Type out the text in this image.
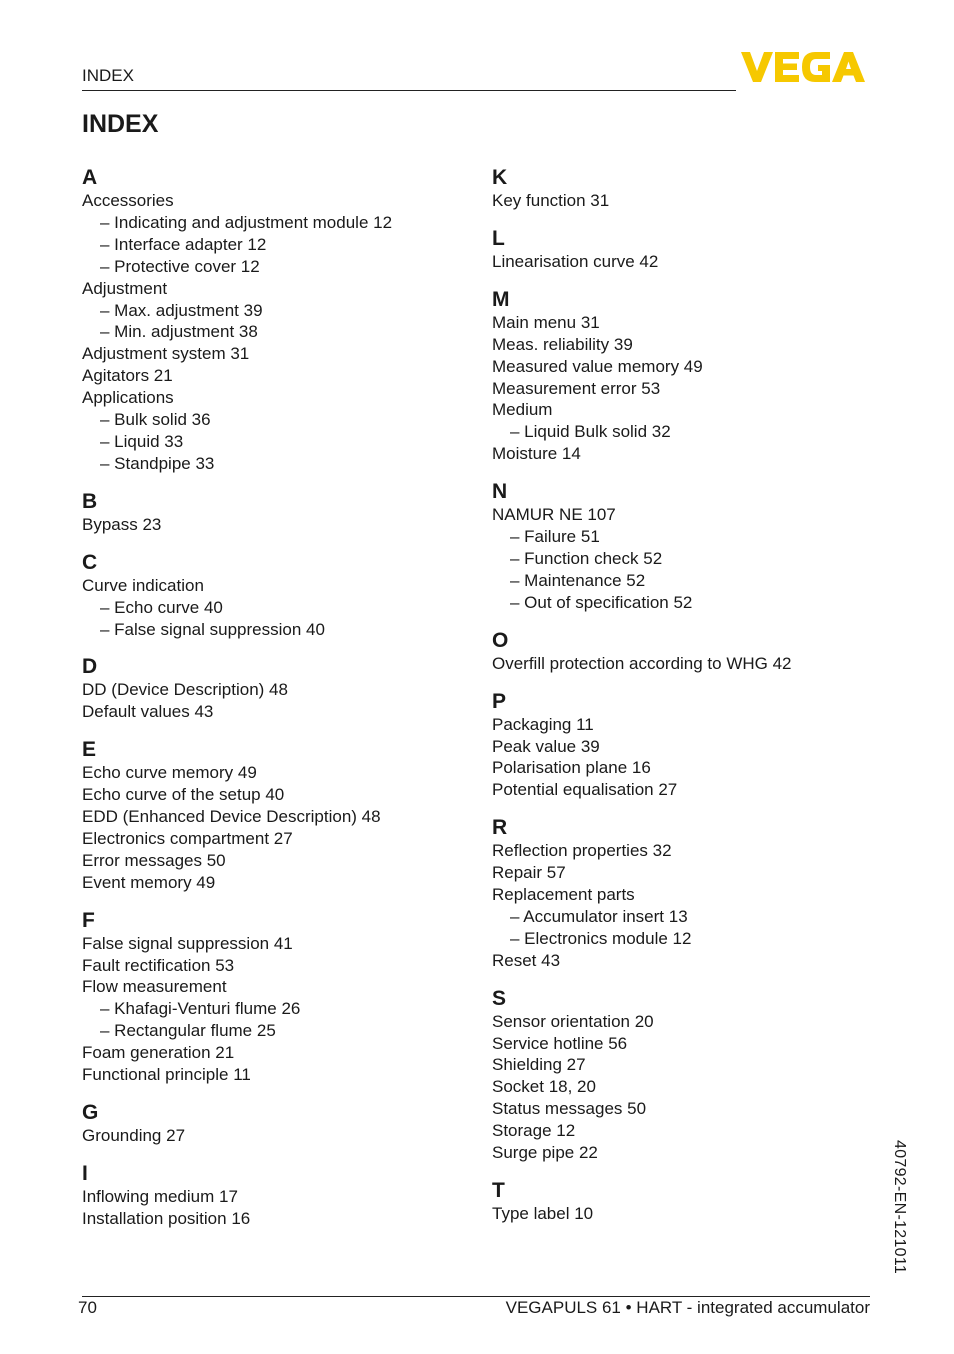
INDEX
INDEX
A
Accessories
– Indicating and adjustment module 12
– Interface adapter 12
– Protective cover 12
Adjustment
– Max. adjustment 39
– Min. adjustment 38
Adjustment system 31
Agitators 21
Applications
– Bulk solid 36
– Liquid 33
– Standpipe 33
B
Bypass 23
C
Curve indication
– Echo curve 40
– False signal suppression 40
D
DD (Device Description) 48
Default values 43
E
Echo curve memory 49
Echo curve of the setup 40
EDD (Enhanced Device Description) 48
Electronics compartment 27
Error messages 50
Event memory 49
F
False signal suppression 41
Fault rectification 53
Flow measurement
– Khafagi-Venturi flume 26
– Rectangular flume 25
Foam generation 21
Functional principle 11
G
Grounding 27
I
Inflowing medium 17
Installation position 16
K
Key function 31
L
Linearisation curve 42
M
Main menu 31
Meas. reliability 39
Measured value memory 49
Measurement error 53
Medium
– Liquid Bulk solid 32
Moisture 14
N
NAMUR NE 107
– Failure 51
– Function check 52
– Maintenance 52
– Out of specification 52
O
Overfill protection according to WHG 42
P
Packaging 11
Peak value 39
Polarisation plane 16
Potential equalisation 27
R
Reflection properties 32
Repair 57
Replacement parts
– Accumulator insert 13
– Electronics module 12
Reset 43
S
Sensor orientation 20
Service hotline 56
Shielding 27
Socket 18, 20
Status messages 50
Storage 12
Surge pipe 22
T
Type label 10	40792-EN-121011
70	VEGAPULS 61 • HART - integrated accumulator
